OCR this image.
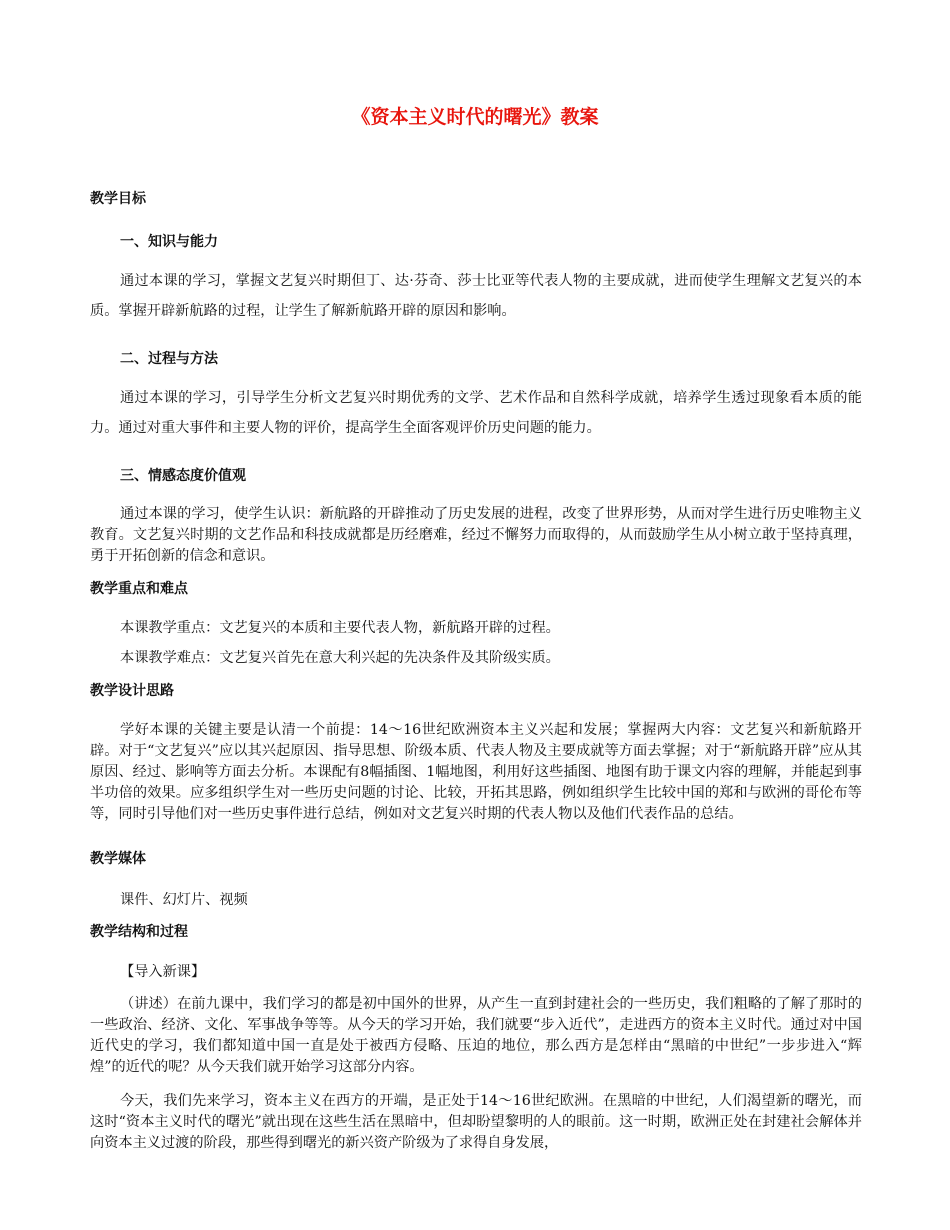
《资本主义时代的曙光》教案
教学目标
一、知识与能力
通过本课的学习，掌握文艺复兴时期但丁、达·芬奇、莎士比亚等代表人物的主要成就，进而使学生理解文艺复兴的本质。掌握开辟新航路的过程，让学生了解新航路开辟的原因和影响。
二、过程与方法
通过本课的学习，引导学生分析文艺复兴时期优秀的文学、艺术作品和自然科学成就，培养学生透过现象看本质的能力。通过对重大事件和主要人物的评价，提高学生全面客观评价历史问题的能力。
三、情感态度价值观
通过本课的学习，使学生认识：新航路的开辟推动了历史发展的进程，改变了世界形势，从而对学生进行历史唯物主义教育。文艺复兴时期的文艺作品和科技成就都是历经磨难，经过不懈努力而取得的，从而鼓励学生从小树立敢于坚持真理，勇于开拓创新的信念和意识。
教学重点和难点
本课教学重点：文艺复兴的本质和主要代表人物，新航路开辟的过程。
本课教学难点：文艺复兴首先在意大利兴起的先决条件及其阶级实质。
教学设计思路
学好本课的关键主要是认清一个前提：14～16世纪欧洲资本主义兴起和发展；掌握两大内容：文艺复兴和新航路开辟。对于“文艺复兴”应以其兴起原因、指导思想、阶级本质、代表人物及主要成就等方面去掌握；对于“新航路开辟”应从其原因、经过、影响等方面去分析。本课配有8幅插图、1幅地图，利用好这些插图、地图有助于课文内容的理解，并能起到事半功倍的效果。应多组织学生对一些历史问题的讨论、比较，开拓其思路，例如组织学生比较中国的郑和与欧洲的哥伦布等等，同时引导他们对一些历史事件进行总结，例如对文艺复兴时期的代表人物以及他们代表作品的总结。
教学媒体
课件、幻灯片、视频
教学结构和过程
【导入新课】
（讲述）在前九课中，我们学习的都是初中国外的世界，从产生一直到封建社会的一些历史，我们粗略的了解了那时的一些政治、经济、文化、军事战争等等。从今天的学习开始，我们就要“步入近代”，走进西方的资本主义时代。通过对中国近代史的学习，我们都知道中国一直是处于被西方侵略、压迫的地位，那么西方是怎样由“黑暗的中世纪”一步步进入“辉煌”的近代的呢？从今天我们就开始学习这部分内容。
今天，我们先来学习，资本主义在西方的开端，是正处于14～16世纪欧洲。在黑暗的中世纪，人们渴望新的曙光，而这时“资本主义时代的曙光”就出现在这些生活在黑暗中，但却盼望黎明的人的眼前。这一时期，欧洲正处在封建社会解体并向资本主义过渡的阶段，那些得到曙光的新兴资产阶级为了求得自身发展，
